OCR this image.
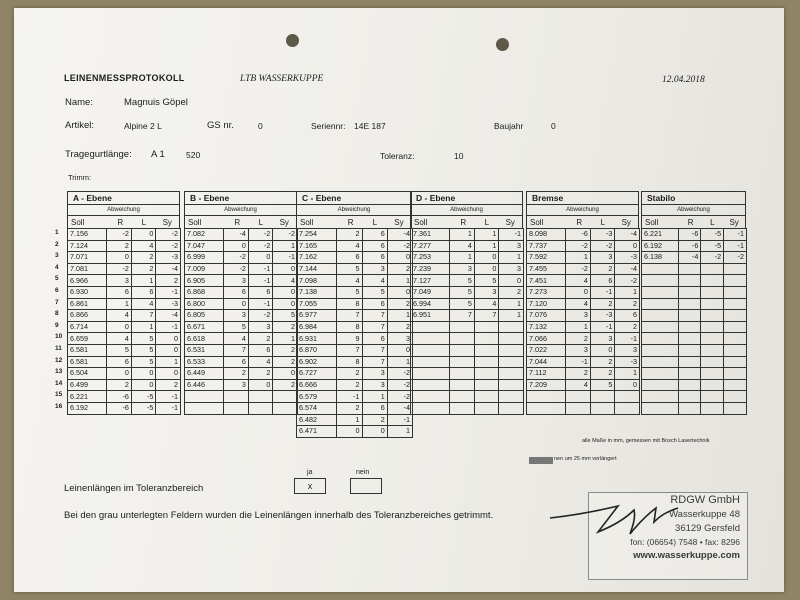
LEINENMESSPROTOKOLL	LTB WASSERKUPPE	12.04.2018
Name:	Magnuis Göpel
Artikel:	Alpine 2 L	GS nr.	0	Seriennr: 14E 187	Baujahr	0
Tragegurtlänge: A 1	520	Toleranz:	10
Trimm:
1
2
3
4
5
6
7
8
9
10
11
12
13
14
15
16
A - Ebene
Abweichung
Soll	R	L	Sy
7.156	-2	0	-2
7.124	2	4	-2
7.071	0	2	-3
7.081	-2	2	-4
6.966	3	1	2
6.930	6	6	-1
6.861	1	4	-3
6.866	4	7	-4
6.714	0	1	-1
6.659	4	5	0
6.581	5	5	0
6.581	6	5	1
6.504	0	0	0
6.499	2	0	2
6.221	-6	-5	-1
6.192	-6	-5	-1
B - Ebene
Abweichung
Soll	R	L	Sy
7.082	-4	-2	-2
7.047	0	-2	1
6.999	-2	0	-1
7.009	-2	-1	0
6.905	3	-1	4
6.868	6	6	0
6.800	0	-1	0
6.805	3	-2	5
6.671	5	3	2
6.618	4	2	1
6.531	7	6	2
6.533	6	4	2
6.449	2	2	0
6.446	3	0	2

C - Ebene
Abweichung
Soll	R	L	Sy
7.254	2	6	-4
7.165	4	6	-2
7.162	6	6	0
7.144	5	3	2
7.098	4	4	1
7.138	5	5	0
7.055	8	6	2
6.977	7	7	1
6.984	8	7	2
6.931	9	6	3
6.870	7	7	0
6.902	8	7	1
6.727	2	3	-2
6.666	2	3	-2
6.579	-1	1	-2
6.574	2	6	-4
6.482	1	2	-1
6.471	0	0	1
D - Ebene
Abweichung
Soll	R	L	Sy
7.361	1	1	-1
7.277	4	1	3
7.253	1	0	1
7.239	3	0	3
7.127	5	5	0
7.049	5	3	2
6.994	5	4	1
6.951	7	7	1

Bremse
Abweichung
Soll	R	L	Sy
8.098	-6	-3	-4
7.737	-2	-2	0
7.592	1	3	-3
7.455	-2	2	-4
7.451	4	6	-2
7.273	0	-1	1
7.120	4	2	2
7.076	3	-3	6
7.132	1	-1	2
7.066	2	3	-1
7.022	3	0	3
7.044	-1	2	-3
7.112	2	2	1
7.209	4	5	0

Stabilo
Abweichung
Soll	R	L	Sy
6.221	-6	-5	-1
6.192	-6	-5	-1
6.138	-4	-2	-2

alle Maße in mm, gemessen mit Bosch Lasertechnik
nen um 25 mm verlängert
ja	nein
Leinenlängen im Toleranzbereich	x
Bei den grau unterlegten Feldern wurden die Leinenlängen innerhalb des Toleranzbereiches getrimmt.
RDGW GmbH
Wasserkuppe 48
36129 Gersfeld
fon: (06654) 7548 • fax: 8296
www.wasserkuppe.com
